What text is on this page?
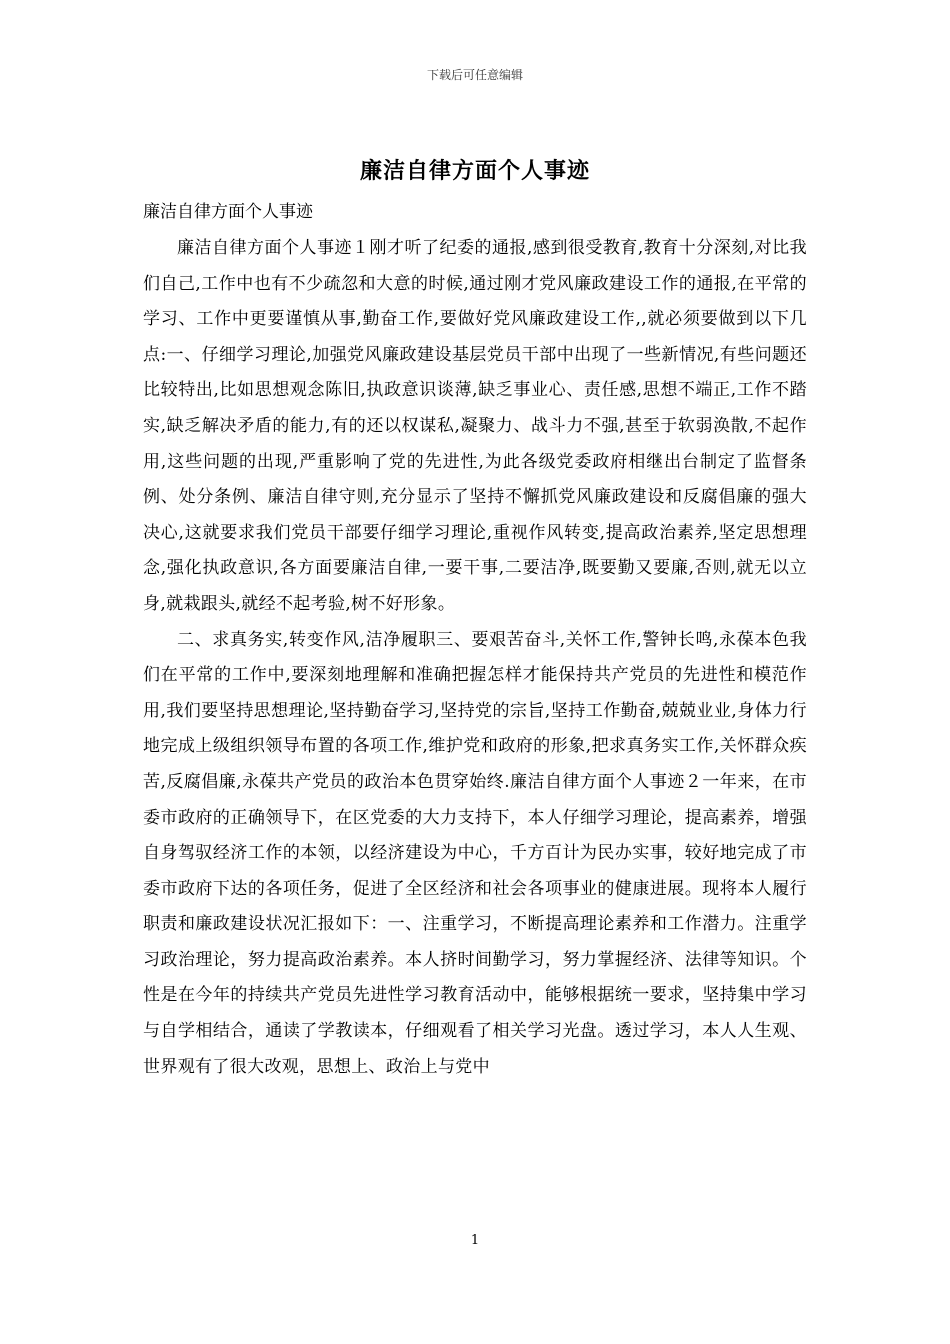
下载后可任意编辑
廉洁自律方面个人事迹

廉洁自律方面个人事迹

廉洁自律方面个人事迹１刚才听了纪委的通报,感到很受教育,教育十分深刻,对比我们自己,工作中也有不少疏忽和大意的时候,通过刚才党风廉政建设工作的通报,在平常的学习、工作中更要谨慎从事,勤奋工作,要做好党风廉政建设工作,,就必须要做到以下几点:一、仔细学习理论,加强党风廉政建设基层党员干部中出现了一些新情况,有些问题还比较特出,比如思想观念陈旧,执政意识谈薄,缺乏事业心、责任感,思想不端正,工作不踏实,缺乏解决矛盾的能力,有的还以权谋私,凝聚力、战斗力不强,甚至于软弱涣散,不起作用,这些问题的出现,严重影响了党的先进性,为此各级党委政府相继出台制定了监督条例、处分条例、廉洁自律守则,充分显示了坚持不懈抓党风廉政建设和反腐倡廉的强大决心,这就要求我们党员干部要仔细学习理论,重视作风转变,提高政治素养,坚定思想理念,强化执政意识,各方面要廉洁自律,一要干事,二要洁净,既要勤又要廉,否则,就无以立身,就栽跟头,就经不起考验,树不好形象。

二、求真务实,转变作风,洁净履职三、要艰苦奋斗,关怀工作,警钟长鸣,永葆本色我们在平常的工作中,要深刻地理解和准确把握怎样才能保持共产党员的先进性和模范作用,我们要坚持思想理论,坚持勤奋学习,坚持党的宗旨,坚持工作勤奋,兢兢业业,身体力行地完成上级组织领导布置的各项工作,维护党和政府的形象,把求真务实工作,关怀群众疾苦,反腐倡廉,永葆共产党员的政治本色贯穿始终.廉洁自律方面个人事迹２一年来，在市委市政府的正确领导下，在区党委的大力支持下，本人仔细学习理论，提高素养，增强自身驾驭经济工作的本领，以经济建设为中心，千方百计为民办实事，较好地完成了市委市政府下达的各项任务，促进了全区经济和社会各项事业的健康进展。现将本人履行职责和廉政建设状况汇报如下：一、注重学习，不断提高理论素养和工作潜力。注重学习政治理论，努力提高政治素养。本人挤时间勤学习，努力掌握经济、法律等知识。个性是在今年的持续共产党员先进性学习教育活动中，能够根据统一要求，坚持集中学习与自学相结合，通读了学教读本，仔细观看了相关学习光盘。透过学习，本人人生观、世界观有了很大改观，思想上、政治上与党中

1
